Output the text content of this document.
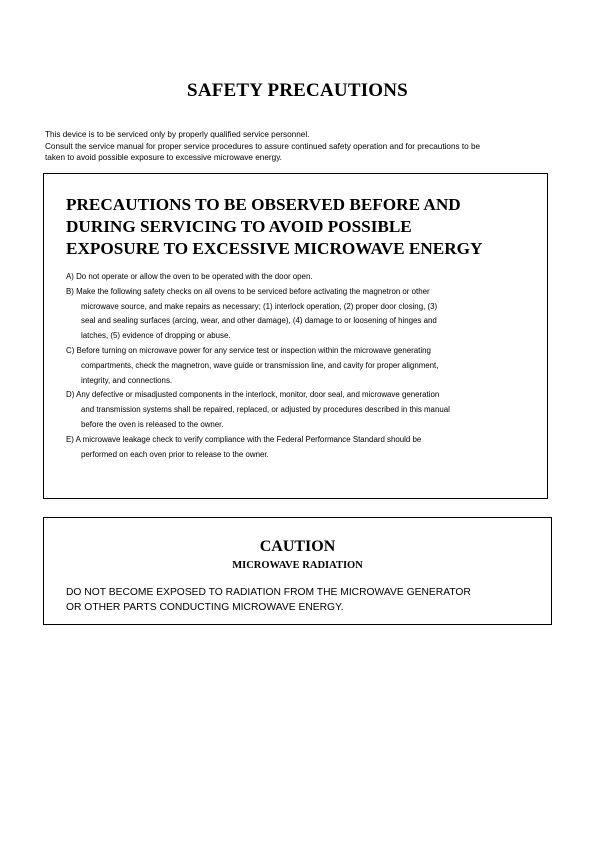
SAFETY PRECAUTIONS

This device is to be serviced only by properly qualified service personnel.

Consult the service manual for proper service procedures to assure continued safety operation and for precautions to be

taken to avoid possible exposure to excessive microwave energy.

PRECAUTIONS TO BE OBSERVED BEFORE AND
DURING SERVICING TO AVOID POSSIBLE
EXPOSURE TO EXCESSIVE MICROWAVE ENERGY
A) Do not operate or allow the oven to be operated with the door open.
B) Make the following safety checks on all ovens to be serviced before activating the magnetron or other
microwave source, and make repairs as necessary; (1) interlock operation, (2) proper door closing, (3)
seal and sealing surfaces (arcing, wear, and other damage), (4) damage to or loosening of hinges and
latches, (5) evidence of dropping or abuse.
C) Before turning on microwave power for any service test or inspection within the microwave generating
compartments, check the magnetron, wave guide or transmission line, and cavity for proper alignment,
integrity, and connections.
D) Any defective or misadjusted components in the interlock, monitor, door seal, and microwave generation
and transmission systems shall be repaired, replaced, or adjusted by procedures described in this manual
before the oven is released to the owner.
E) A microwave leakage check to verify compliance with the Federal Performance Standard should be
performed on each oven prior to release to the owner.
CAUTION
MICROWAVE RADIATION
DO NOT BECOME EXPOSED TO RADIATION FROM THE MICROWAVE GENERATOR
OR OTHER PARTS CONDUCTING MICROWAVE ENERGY.
